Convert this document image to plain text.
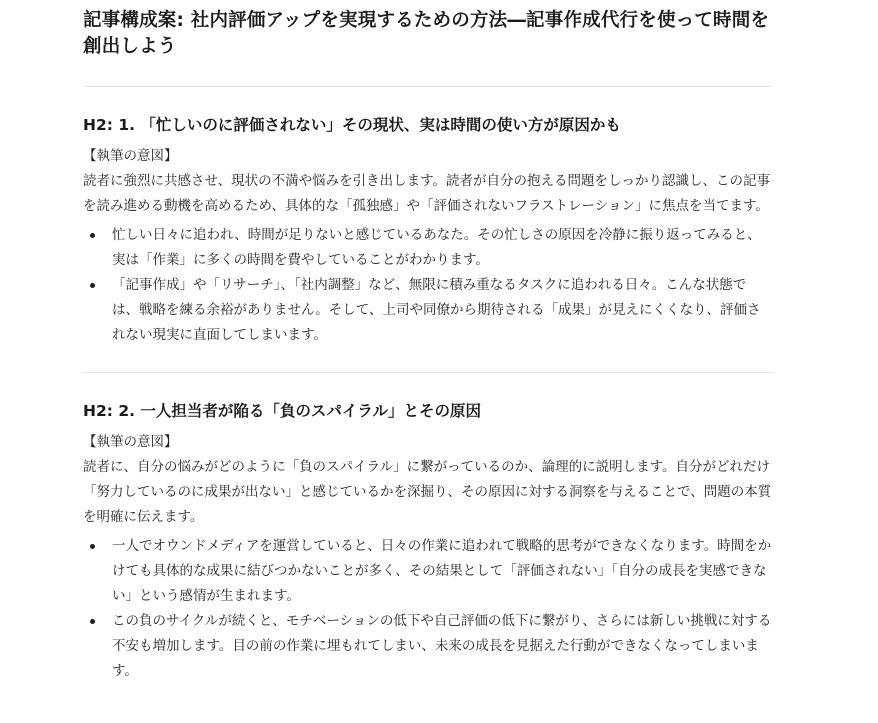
記事構成案: 社内評価アップを実現するための方法―記事作成代行を使って時間を創出しよう
H2: 1. 「忙しいのに評価されない」その現状、実は時間の使い方が原因かも
【執筆の意図】

読者に強烈に共感させ、現状の不満や悩みを引き出します。読者が自分の抱える問題をしっかり認識し、この記事を読み進める動機を高めるため、具体的な「孤独感」や「評価されないフラストレーション」に焦点を当てます。

忙しい日々に追われ、時間が足りないと感じているあなた。その忙しさの原因を冷静に振り返ってみると、実は「作業」に多くの時間を費やしていることがわかります。
「記事作成」や「リサーチ」、「社内調整」など、無限に積み重なるタスクに追われる日々。こんな状態では、戦略を練る余裕がありません。そして、上司や同僚から期待される「成果」が見えにくくなり、評価されない現実に直面してしまいます。
H2: 2. 一人担当者が陥る「負のスパイラル」とその原因
【執筆の意図】

読者に、自分の悩みがどのように「負のスパイラル」に繋がっているのか、論理的に説明します。自分がどれだけ「努力しているのに成果が出ない」と感じているかを深掘り、その原因に対する洞察を与えることで、問題の本質を明確に伝えます。

一人でオウンドメディアを運営していると、日々の作業に追われて戦略的思考ができなくなります。時間をかけても具体的な成果に結びつかないことが多く、その結果として「評価されない」「自分の成長を実感できない」という感情が生まれます。
この負のサイクルが続くと、モチベーションの低下や自己評価の低下に繋がり、さらには新しい挑戦に対する不安も増加します。目の前の作業に埋もれてしまい、未来の成長を見据えた行動ができなくなってしまいます。
